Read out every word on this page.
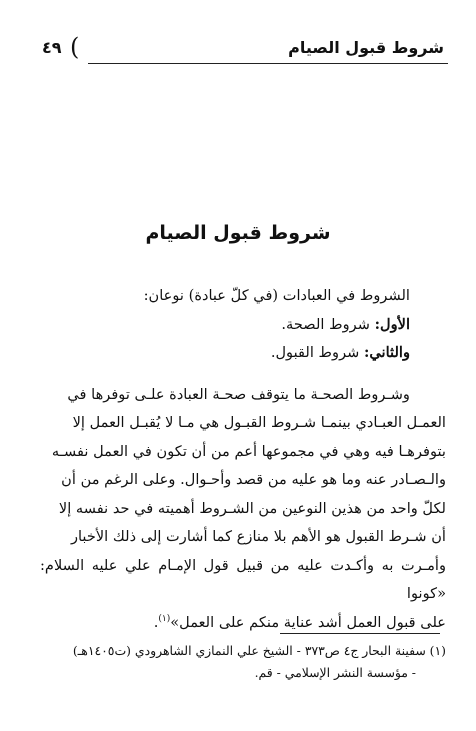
شروط قبول الصيام
)
٤٩
شروط قبول الصيام

الشروط في العبادات (في كلّ عبادة) نوعان:

الأول: شروط الصحة.

والثاني: شروط القبول.

وشـروط الصحـة ما يتوقف صحـة العبادة علـى توفرها في

العمـل العبـادي بينمـا شـروط القبـول هي مـا لا يُقبـل العمل إلا

بتوفرهـا فيه وهي في مجموعها أعم من أن تكون في العمل نفسـه

والـصـادر عنه وما هو عليه من قصد وأحـوال. وعلى الرغم من أن

لكلّ واحد من هذين النوعين من الشـروط أهميته في حد نفسه إلا

أن شـرط القبول هو الأهم بلا منازع كما أشارت إلى ذلك الأخبار

وأمـرت به وأكـدت عليه من قبيل قول الإمـام علي عليه السلام: «كونوا

على قبول العمل أشد عناية منكم على العمل»$^{(١)}$.

(١) سفينة البحار ج٤ ص٣٧٣ - الشيخ علي النمازي الشاهرودي (ت١٤٠٥هـ)

- مؤسسة النشر الإسلامي - قم.
